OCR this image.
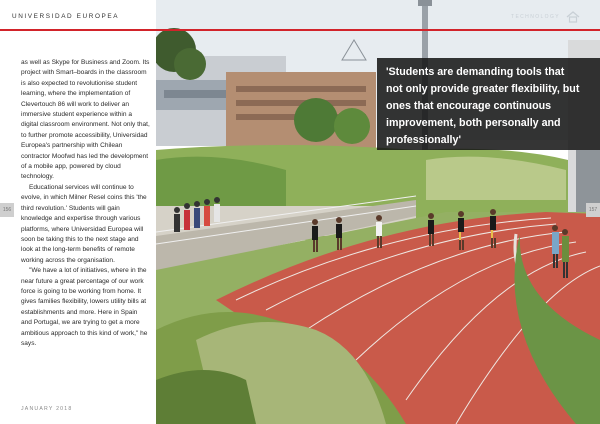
UNIVERSIDAD EUROPEA

as well as Skype for Business and Zoom. Its project with Smart–boards in the classroom is also expected to revolutionise student learning, where the implementation of Clevertouch 86 will work to deliver an immersive student experience within a digital classroom environment. Not only that, to further promote accessibility, Universidad Europea's partnership with Chilean contractor Moofwd has led the development of a mobile app, powered by cloud technology.

Educational services will continue to evolve, in which Milner Resel coins this 'the third revolution.' Students will gain knowledge and expertise through various platforms, where Universidad Europea will soon be taking this to the next stage and look at the long-term benefits of remote working across the organisation.

"We have a lot of initiatives, where in the near future a great percentage of our work force is going to be working from home. It gives families flexibility, lowers utility bills at establishments and more. Here in Spain and Portugal, we are trying to get a more ambitious approach to this kind of work," he says.

JANUARY 2018
TECHNOLOGY
'Students are demanding tools that not only provide greater flexibility, but ones that encourage continuous improvement, both personally and professionally'
156	157
